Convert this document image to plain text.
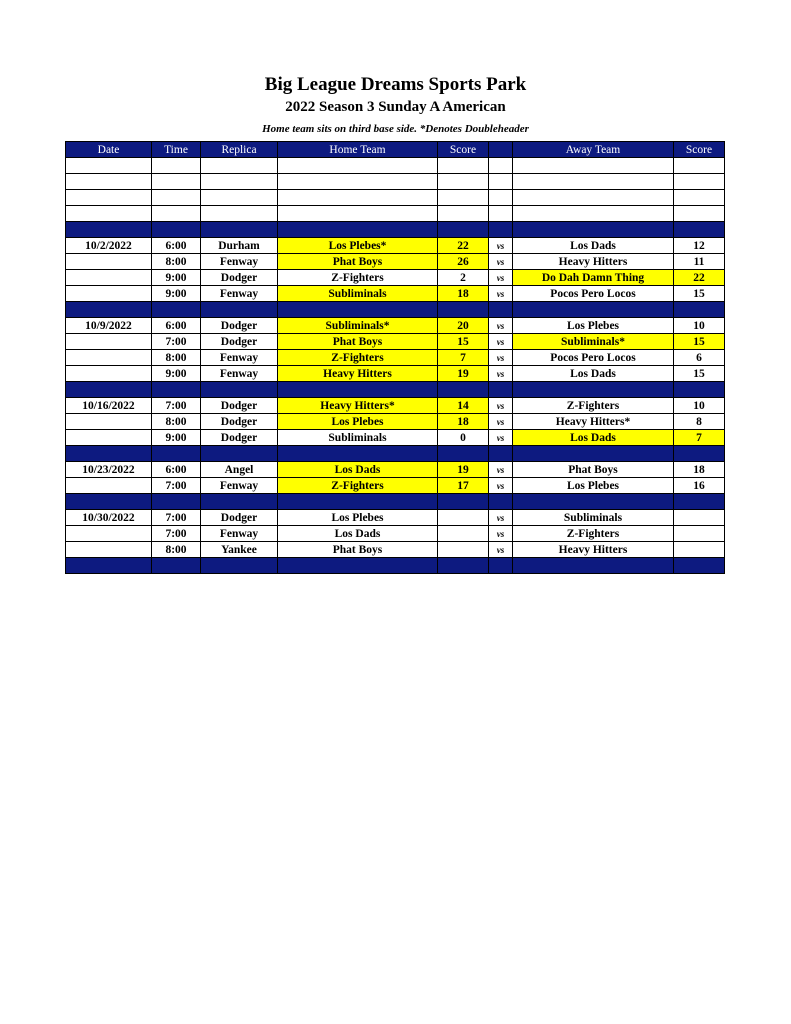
Big League Dreams Sports Park
2022 Season 3 Sunday A American
Home team sits on third base side. *Denotes Doubleheader
Date	Time	Replica	Home Team	Score		Away Team	Score

10/2/2022	6:00	Durham	Los Plebes*	22	vs	Los Dads	12
	8:00	Fenway	Phat Boys	26	vs	Heavy Hitters	11
	9:00	Dodger	Z-Fighters	2	vs	Do Dah Damn Thing	22
	9:00	Fenway	Subliminals	18	vs	Pocos Pero Locos	15

10/9/2022	6:00	Dodger	Subliminals*	20	vs	Los Plebes	10
	7:00	Dodger	Phat Boys	15	vs	Subliminals*	15
	8:00	Fenway	Z-Fighters	7	vs	Pocos Pero Locos	6
	9:00	Fenway	Heavy Hitters	19	vs	Los Dads	15

10/16/2022	7:00	Dodger	Heavy Hitters*	14	vs	Z-Fighters	10
	8:00	Dodger	Los Plebes	18	vs	Heavy Hitters*	8
	9:00	Dodger	Subliminals	0	vs	Los Dads	7

10/23/2022	6:00	Angel	Los Dads	19	vs	Phat Boys	18
	7:00	Fenway	Z-Fighters	17	vs	Los Plebes	16

10/30/2022	7:00	Dodger	Los Plebes		vs	Subliminals	
	7:00	Fenway	Los Dads		vs	Z-Fighters	
	8:00	Yankee	Phat Boys		vs	Heavy Hitters	
